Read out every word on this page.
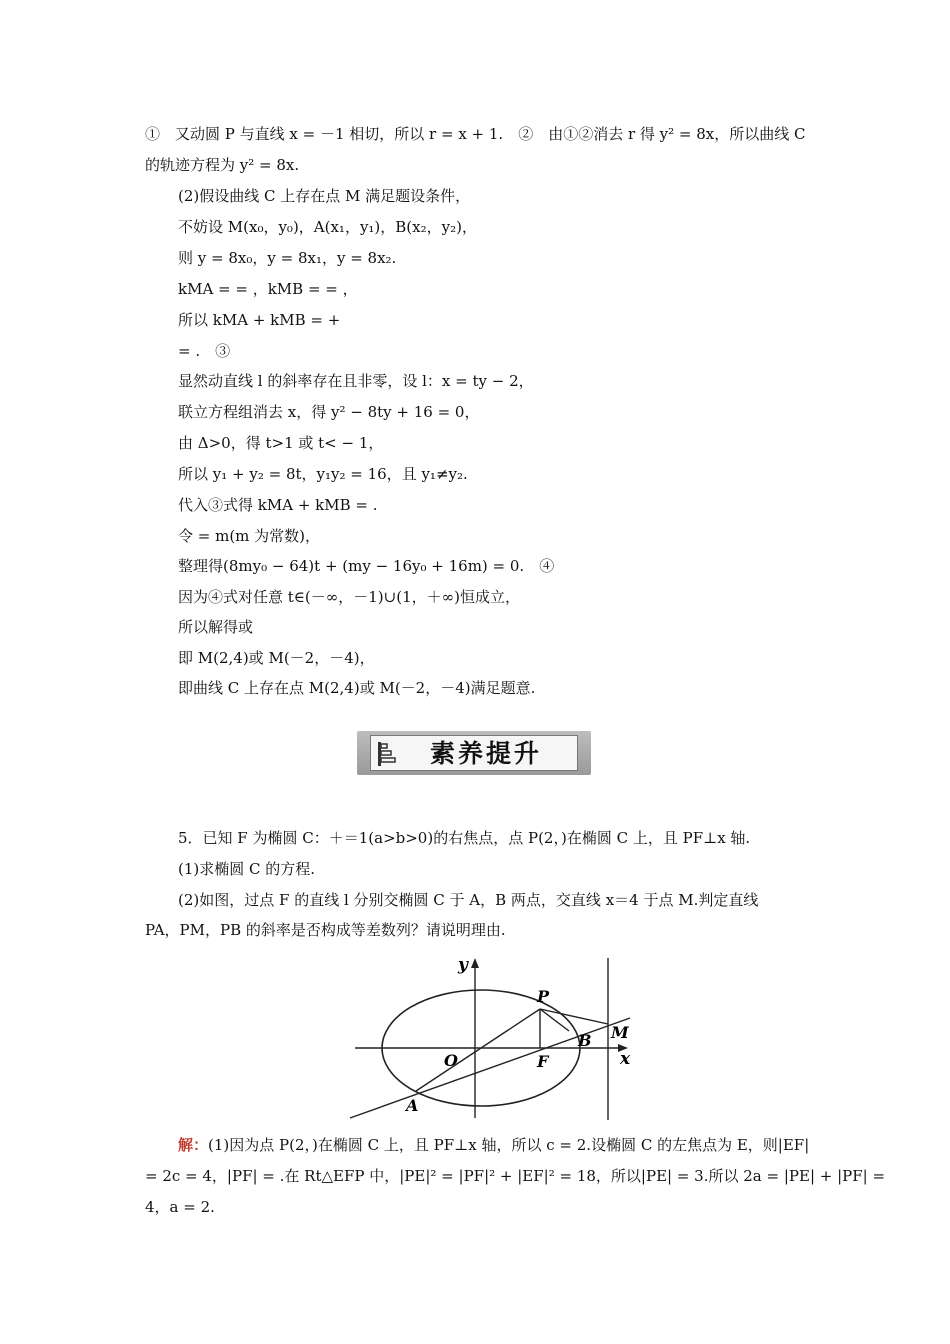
①　又动圆 P 与直线 x = －1 相切，所以 r = x + 1.　②　由①②消去 r 得 y² = 8x，所以曲线 C
的轨迹方程为 y² = 8x.
(2)假设曲线 C 上存在点 M 满足题设条件，
不妨设 M(x₀，y₀)，A(x₁，y₁)，B(x₂，y₂)，
则 y = 8x₀，y = 8x₁，y = 8x₂.
kMA = = ，kMB = = ，
所以 kMA + kMB = +
= .　③
显然动直线 l 的斜率存在且非零，设 l：x = ty − 2，
联立方程组消去 x，得 y² − 8ty + 16 = 0，
由 Δ>0，得 t>1 或 t< − 1，
所以 y₁ + y₂ = 8t，y₁y₂ = 16，且 y₁≠y₂.
代入③式得 kMA + kMB = .
令 = m(m 为常数)，
整理得(8my₀ − 64)t + (my − 16y₀ + 16m) = 0.　④
因为④式对任意 t∈(－∞，－1)∪(1，＋∞)恒成立，
所以解得或
即 M(2,4)或 M(－2，－4)，
即曲线 C 上存在点 M(2,4)或 M(－2，－4)满足题意.
素养提升
5．已知 F 为椭圆 C：＋＝1(a>b>0)的右焦点，点 P(2，)在椭圆 C 上，且 PF⊥x 轴.
(1)求椭圆 C 的方程.
(2)如图，过点 F 的直线 l 分别交椭圆 C 于 A，B 两点，交直线 x＝4 于点 M.判定直线
PA，PM，PB 的斜率是否构成等差数列？请说明理由.
y
x
O	F
P
A
B M
解：(1)因为点 P(2，)在椭圆 C 上，且 PF⊥x 轴，所以 c = 2.设椭圆 C 的左焦点为 E，则|EF|
= 2c = 4，|PF| = .在 Rt△EFP 中，|PE|² = |PF|² + |EF|² = 18，所以|PE| = 3.所以 2a = |PE| + |PF| =
4，a = 2.
